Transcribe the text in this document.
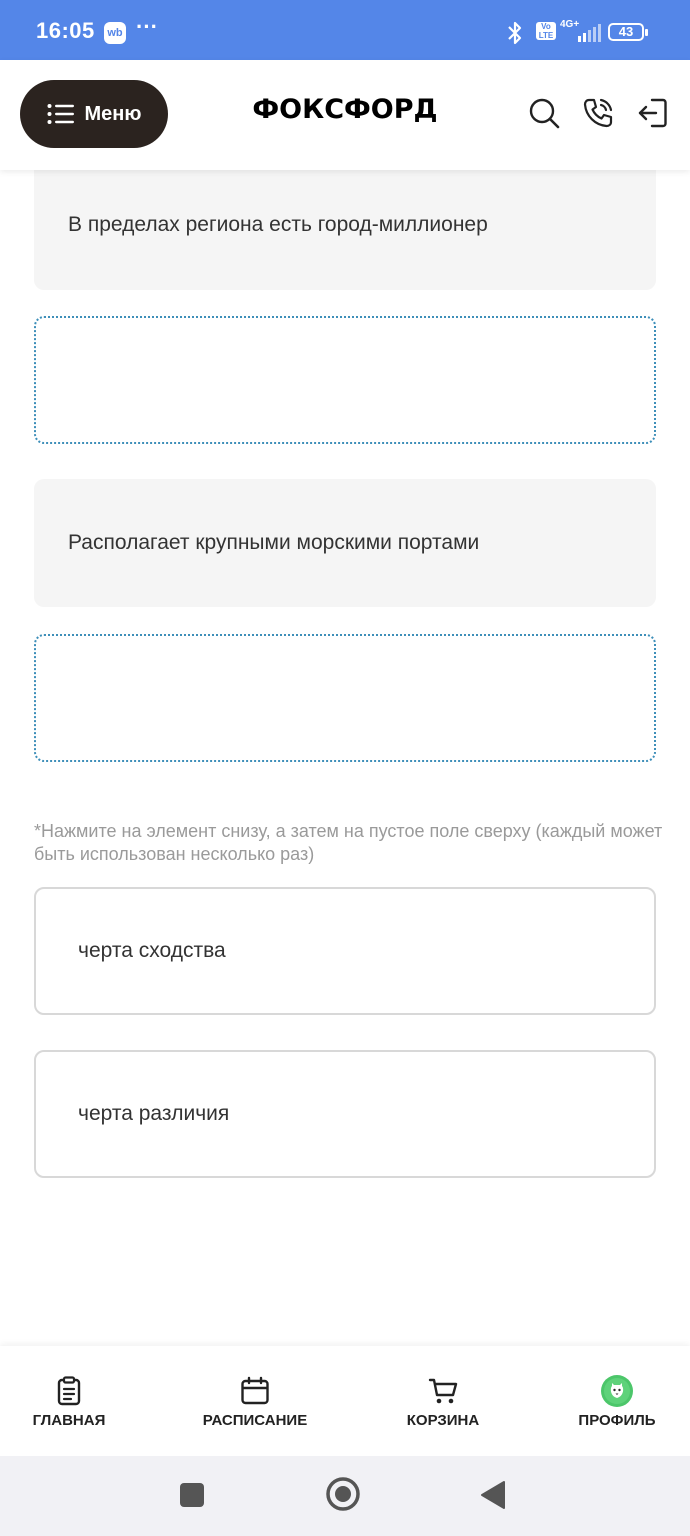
16:05	wb ···	Vo LTE
4G+	43
Меню	ФОКСФОРД
В пределах региона есть город-миллионер
Располагает крупными морскими портами
*Нажмите на элемент снизу, а затем на пустое поле сверху (каждый может быть использован несколько раз)
черта сходства
черта различия
ГЛАВНАЯ	РАСПИСАНИЕ	КОРЗИНА	ПРОФИЛЬ
